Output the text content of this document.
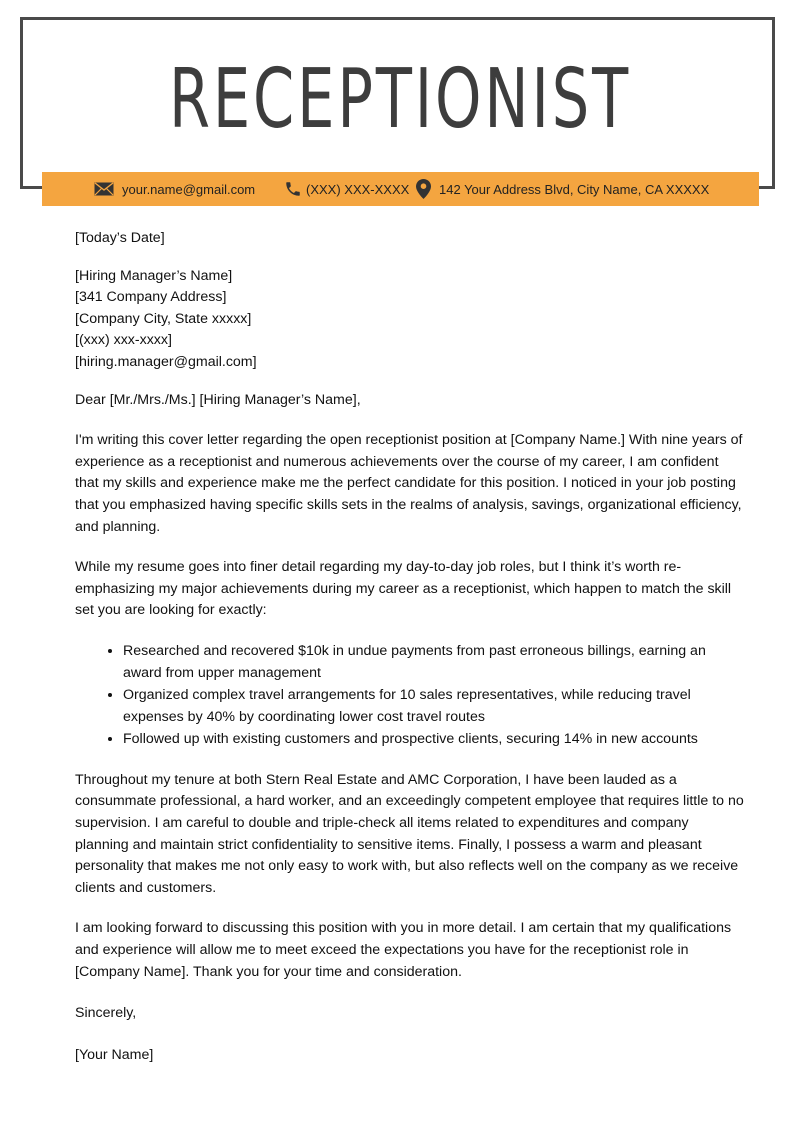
RECEPTIONIST
your.name@gmail.com	(XXX) XXX-XXXX 142 Your Address Blvd, City Name, CA XXXXX

[Today’s Date]

[Hiring Manager’s Name]

[341 Company Address]

[Company City, State xxxxx]

[(xxx) xxx-xxxx]

[hiring.manager@gmail.com]

Dear [Mr./Mrs./Ms.] [Hiring Manager’s Name],

I'm writing this cover letter regarding the open receptionist position at [Company Name.] With nine years of experience as a receptionist and numerous achievements over the course of my career, I am confident that my skills and experience make me the perfect candidate for this position. I noticed in your job posting that you emphasized having specific skills sets in the realms of analysis, savings, organizational efficiency, and planning.

While my resume goes into finer detail regarding my day-to-day job roles, but I think it’s worth re-emphasizing my major achievements during my career as a receptionist, which happen to match the skill set you are looking for exactly:

• Researched and recovered $10k in undue payments from past erroneous billings, earning an award from upper management
• Organized complex travel arrangements for 10 sales representatives, while reducing travel expenses by 40% by coordinating lower cost travel routes
• Followed up with existing customers and prospective clients, securing 14% in new accounts

Throughout my tenure at both Stern Real Estate and AMC Corporation, I have been lauded as a consummate professional, a hard worker, and an exceedingly competent employee that requires little to no supervision. I am careful to double and triple-check all items related to expenditures and company planning and maintain strict confidentiality to sensitive items. Finally, I possess a warm and pleasant personality that makes me not only easy to work with, but also reflects well on the company as we receive clients and customers.

I am looking forward to discussing this position with you in more detail. I am certain that my qualifications and experience will allow me to meet exceed the expectations you have for the receptionist role in [Company Name]. Thank you for your time and consideration.

Sincerely,

[Your Name]
